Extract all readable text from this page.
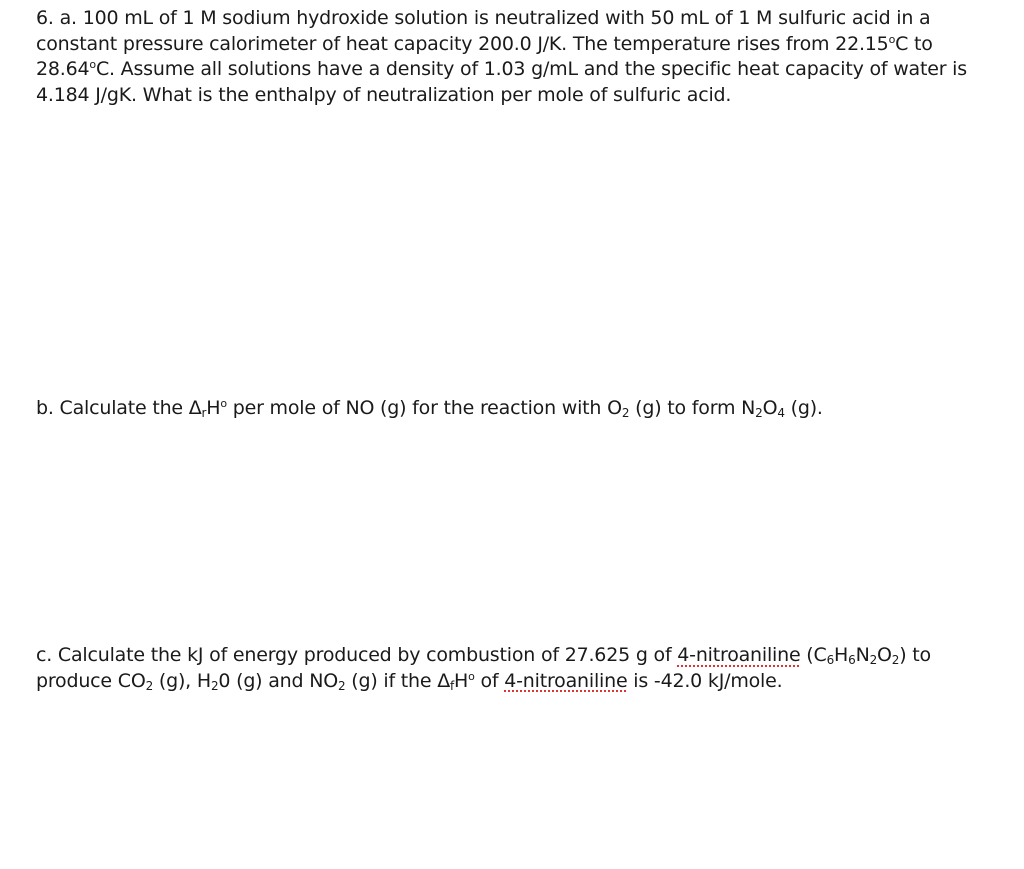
6. a. 100 mL of 1 M sodium hydroxide solution is neutralized with 50 mL of 1 M sulfuric acid in a constant pressure calorimeter of heat capacity 200.0 J/K. The temperature rises from 22.15$^o$C to 28.64$^o$C. Assume all solutions have a density of 1.03 g/mL and the specific heat capacity of water is 4.184 J/gK. What is the enthalpy of neutralization per mole of sulfuric acid.

b. Calculate the $\Delta_rH^o$ per mole of NO (g) for the reaction with $O_2$ (g) to form $N_2O_4$ (g).

c. Calculate the kJ of energy produced by combustion of 27.625 g of 4-nitroaniline $(C_6H_6N_2O_2)$ to produce $CO_2$ (g), $H_20$ (g) and $NO_2$ (g) if the $\Delta_fH^o$ of 4-nitroaniline is -42.0 kJ/mole.
